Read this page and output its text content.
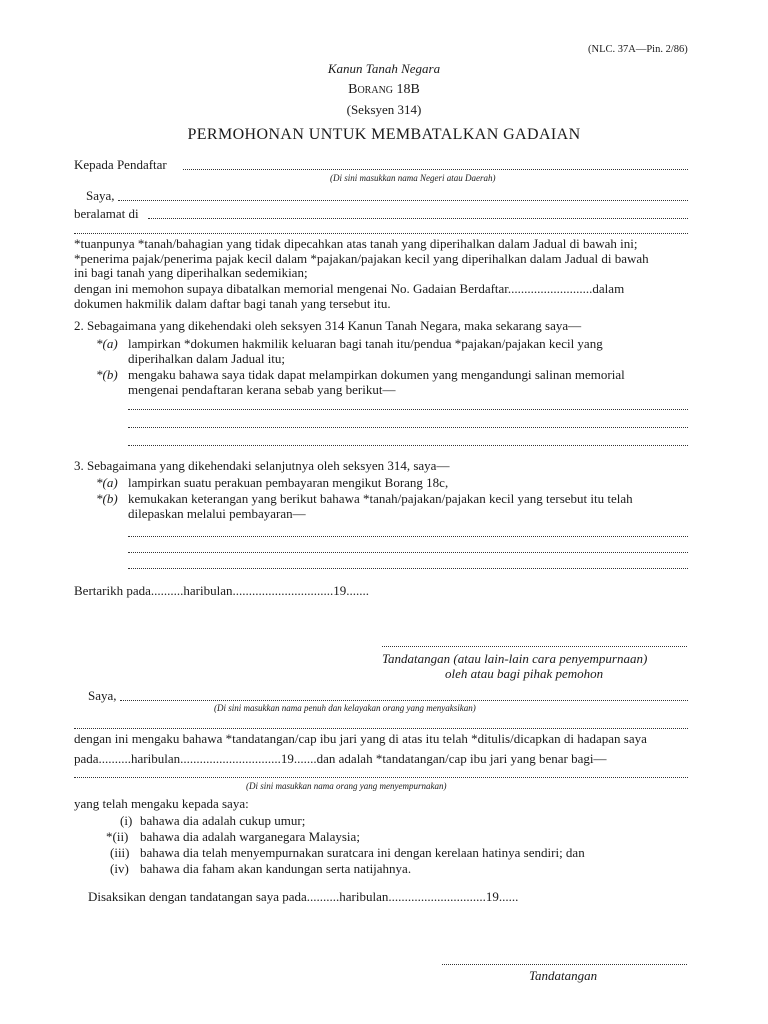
(NLC. 37A—Pin. 2/86)
Kanun Tanah Negara
Borang 18B
(Seksyen 314)
PERMOHONAN UNTUK MEMBATALKAN GADAIAN
Kepada Pendaftar
(Di sini masukkan nama Negeri atau Daerah)
Saya,
beralamat di
*tuanpunya *tanah/bahagian yang tidak dipecahkan atas tanah yang diperihalkan dalam Jadual di bawah ini;
*penerima pajak/penerima pajak kecil dalam *pajakan/pajakan kecil yang diperihalkan dalam Jadual di bawah
ini bagi tanah yang diperihalkan sedemikian;
dengan ini memohon supaya dibatalkan memorial mengenai No. Gadaian Berdaftar..........................dalam
dokumen hakmilik dalam daftar bagi tanah yang tersebut itu.
2. Sebagaimana yang dikehendaki oleh seksyen 314 Kanun Tanah Negara, maka sekarang saya—
*(a) lampirkan *dokumen hakmilik keluaran bagi tanah itu/pendua *pajakan/pajakan kecil yang
diperihalkan dalam Jadual itu;
*(b) mengaku bahawa saya tidak dapat melampirkan dokumen yang mengandungi salinan memorial
mengenai pendaftaran kerana sebab yang berikut—
3. Sebagaimana yang dikehendaki selanjutnya oleh seksyen 314, saya—
*(a) lampirkan suatu perakuan pembayaran mengikut Borang 18c,
*(b) kemukakan keterangan yang berikut bahawa *tanah/pajakan/pajakan kecil yang tersebut itu telah
dilepaskan melalui pembayaran—
Bertarikh pada..........haribulan...............................19.......
Tandatangan (atau lain-lain cara penyempurnaan)
oleh atau bagi pihak pemohon
Saya,
(Di sini masukkan nama penuh dan kelayakan orang yang menyaksikan)
dengan ini mengaku bahawa *tandatangan/cap ibu jari yang di atas itu telah *ditulis/dicapkan di hadapan saya
pada..........haribulan...............................19.......dan adalah *tandatangan/cap ibu jari yang benar bagi—
(Di sini masukkan nama orang yang menyempurnakan)
yang telah mengaku kepada saya:
(i) bahawa dia adalah cukup umur;
*(ii) bahawa dia adalah warganegara Malaysia;
(iii) bahawa dia telah menyempurnakan suratcara ini dengan kerelaan hatinya sendiri; dan
(iv) bahawa dia faham akan kandungan serta natijahnya.
Disaksikan dengan tandatangan saya pada..........haribulan..............................19......
Tandatangan
